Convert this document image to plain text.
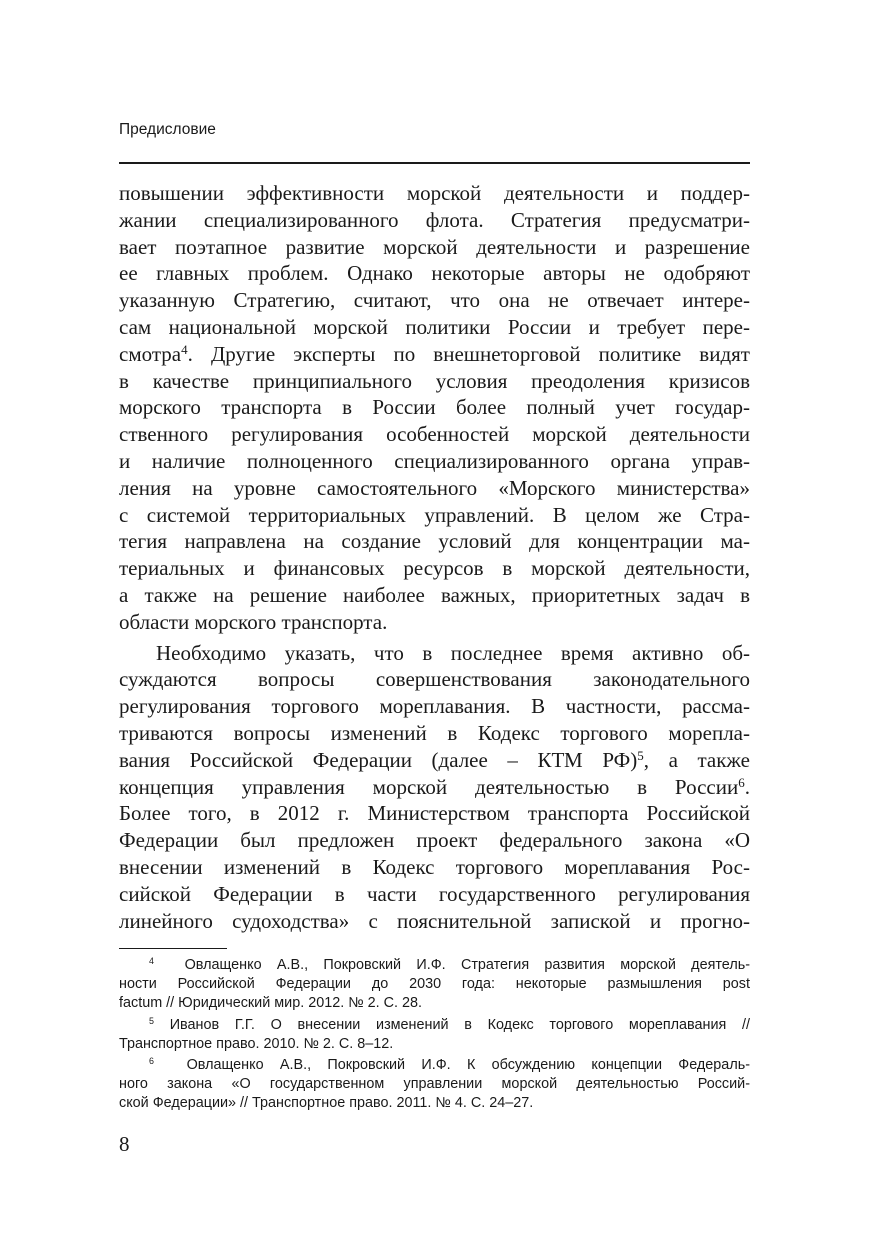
Предисловие
повышении эффективности морской деятельности и поддер-
жании специализированного флота. Стратегия предусматри-
вает поэтапное развитие морской деятельности и разрешение
ее главных проблем. Однако некоторые авторы не одобряют
указанную Стратегию, считают, что она не отвечает интере-
сам национальной морской политики России и требует пере-
смотра$^4$. Другие эксперты по внешнеторговой политике видят
в качестве принципиального условия преодоления кризисов
морского транспорта в России более полный учет государ-
ственного регулирования особенностей морской деятельности
и наличие полноценного специализированного органа управ-
ления на уровне самостоятельного «Морского министерства»
с системой территориальных управлений. В целом же Стра-
тегия направлена на создание условий для концентрации ма-
териальных и финансовых ресурсов в морской деятельности,
а также на решение наиболее важных, приоритетных задач в
области морского транспорта.
Необходимо указать, что в последнее время активно об-
суждаются вопросы совершенствования законодательного
регулирования торгового мореплавания. В частности, рассма-
триваются вопросы изменений в Кодекс торгового морепла-
вания Российской Федерации (далее – КТМ РФ)$^5$, а также
концепция управления морской деятельностью в России$^6$.
Более того, в 2012 г. Министерством транспорта Российской
Федерации был предложен проект федерального закона «О
внесении изменений в Кодекс торгового мореплавания Рос-
сийской Федерации в части государственного регулирования
линейного судоходства» с пояснительной запиской и прогно-
$^4$ Овлащенко А.В., Покровский И.Ф. Стратегия развития морской деятель-
ности Российской Федерации до 2030 года: некоторые размышления post
factum // Юридический мир. 2012. № 2. С. 28.
$^5$ Иванов Г.Г. О внесении изменений в Кодекс торгового мореплавания //
Транспортное право. 2010. № 2. С. 8–12.
$^6$ Овлащенко А.В., Покровский И.Ф. К обсуждению концепции Федераль-
ного закона «О государственном управлении морской деятельностью Россий-
ской Федерации» // Транспортное право. 2011. № 4. С. 24–27.
8
